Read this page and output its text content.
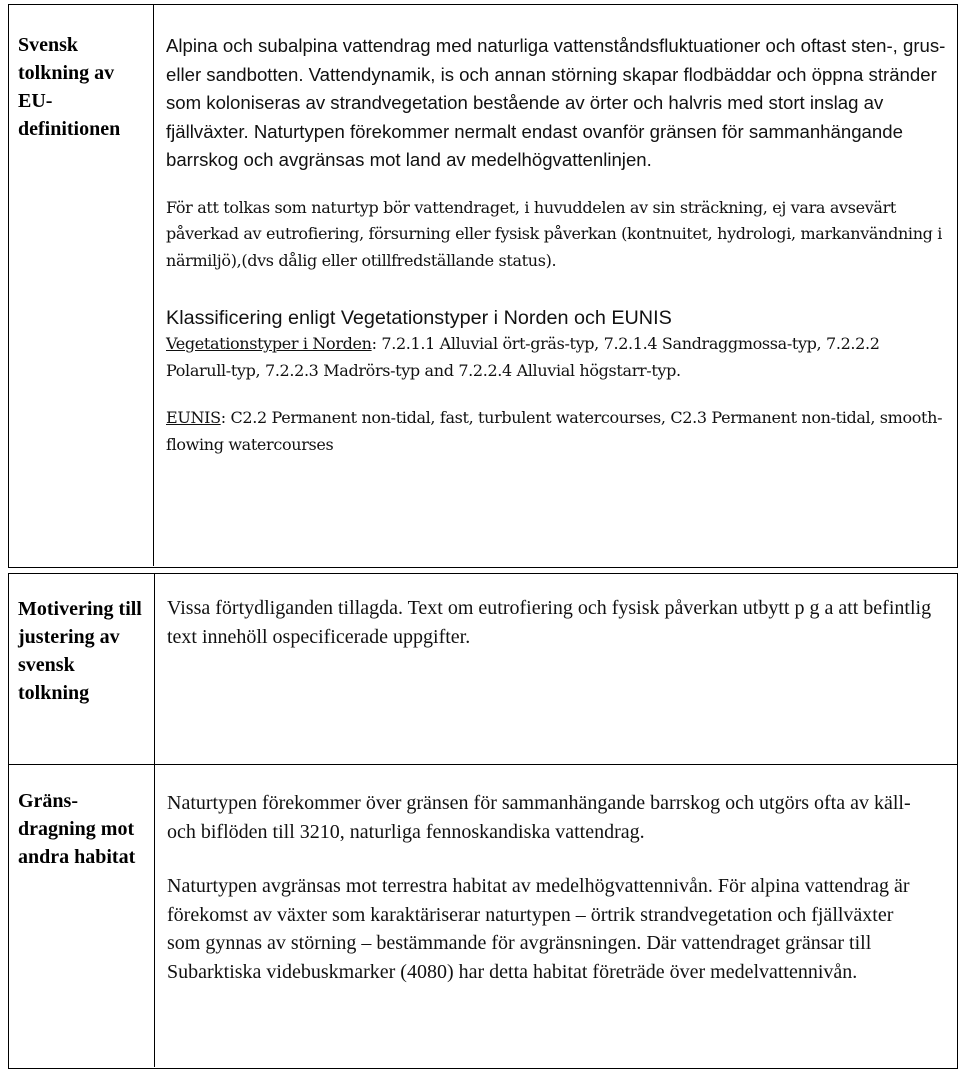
Svensk tolkning av EU-definitionen

Alpina och subalpina vattendrag med naturliga vattenståndsfluktuationer och oftast sten-, grus- eller sandbotten. Vattendynamik, is och annan störning skapar flodbäddar och öppna stränder som koloniseras av strandvegetation bestående av örter och halvris med stort inslag av fjällväxter. Naturtypen förekommer nermalt endast ovanför gränsen för sammanhängande barrskog och avgränsas mot land av medelhögvattenlinjen.

För att tolkas som naturtyp bör vattendraget, i huvuddelen av sin sträckning, ej vara avsevärt påverkad av eutrofiering, försurning eller fysisk påverkan (kontnuitet, hydrologi, markanvändning i närmiljö),(dvs dålig eller otillfredställande status).

Klassificering enligt Vegetationstyper i Norden och EUNIS

Vegetationstyper i Norden: 7.2.1.1 Alluvial ört-gräs-typ, 7.2.1.4 Sandraggmossa-typ, 7.2.2.2 Polarull-typ, 7.2.2.3 Madrörs-typ and 7.2.2.4 Alluvial högstarr-typ.

EUNIS: C2.2 Permanent non-tidal, fast, turbulent watercourses, C2.3 Permanent non-tidal, smooth-flowing watercourses

Motivering till justering av svensk tolkning

Vissa förtydliganden tillagda. Text om eutrofiering och fysisk påverkan utbytt p g a att befintlig text innehöll ospecificerade uppgifter.

Gräns-dragning mot andra habitat

Naturtypen förekommer över gränsen för sammanhängande barrskog och utgörs ofta av käll- och biflöden till 3210, naturliga fennoskandiska vattendrag.

Naturtypen avgränsas mot terrestra habitat av medelhögvattennivån. För alpina vattendrag är förekomst av växter som karaktäriserar naturtypen – örtrik strandvegetation och fjällväxter som gynnas av störning – bestämmande för avgränsningen. Där vattendraget gränsar till Subarktiska videbuskmarker (4080) har detta habitat företräde över medelvattennivån.
